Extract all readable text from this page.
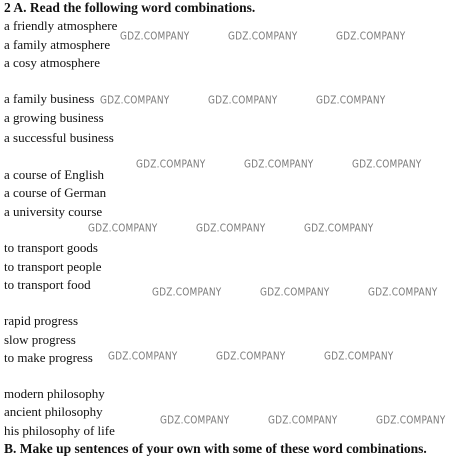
2 A. Read the following word combinations.
a friendly atmosphere
a family atmosphere
a cosy atmosphere
a family business
a growing business
a successful business
a course of English
a course of German
a university course
to transport goods
to transport people
to transport food
rapid progress
slow progress
to make progress
modern philosophy
ancient philosophy
his philosophy of life
B. Make up sentences of your own with some of these word combinations.
GDZ.COMPANY	GDZ.COMPANY	GDZ.COMPANY
GDZ.COMPANY	GDZ.COMPANY	GDZ.COMPANY
GDZ.COMPANY	GDZ.COMPANY	GDZ.COMPANY
GDZ.COMPANY	GDZ.COMPANY	GDZ.COMPANY
GDZ.COMPANY	GDZ.COMPANY	GDZ.COMPANY
GDZ.COMPANY	GDZ.COMPANY	GDZ.COMPANY
GDZ.COMPANY	GDZ.COMPANY	GDZ.COMPANY
